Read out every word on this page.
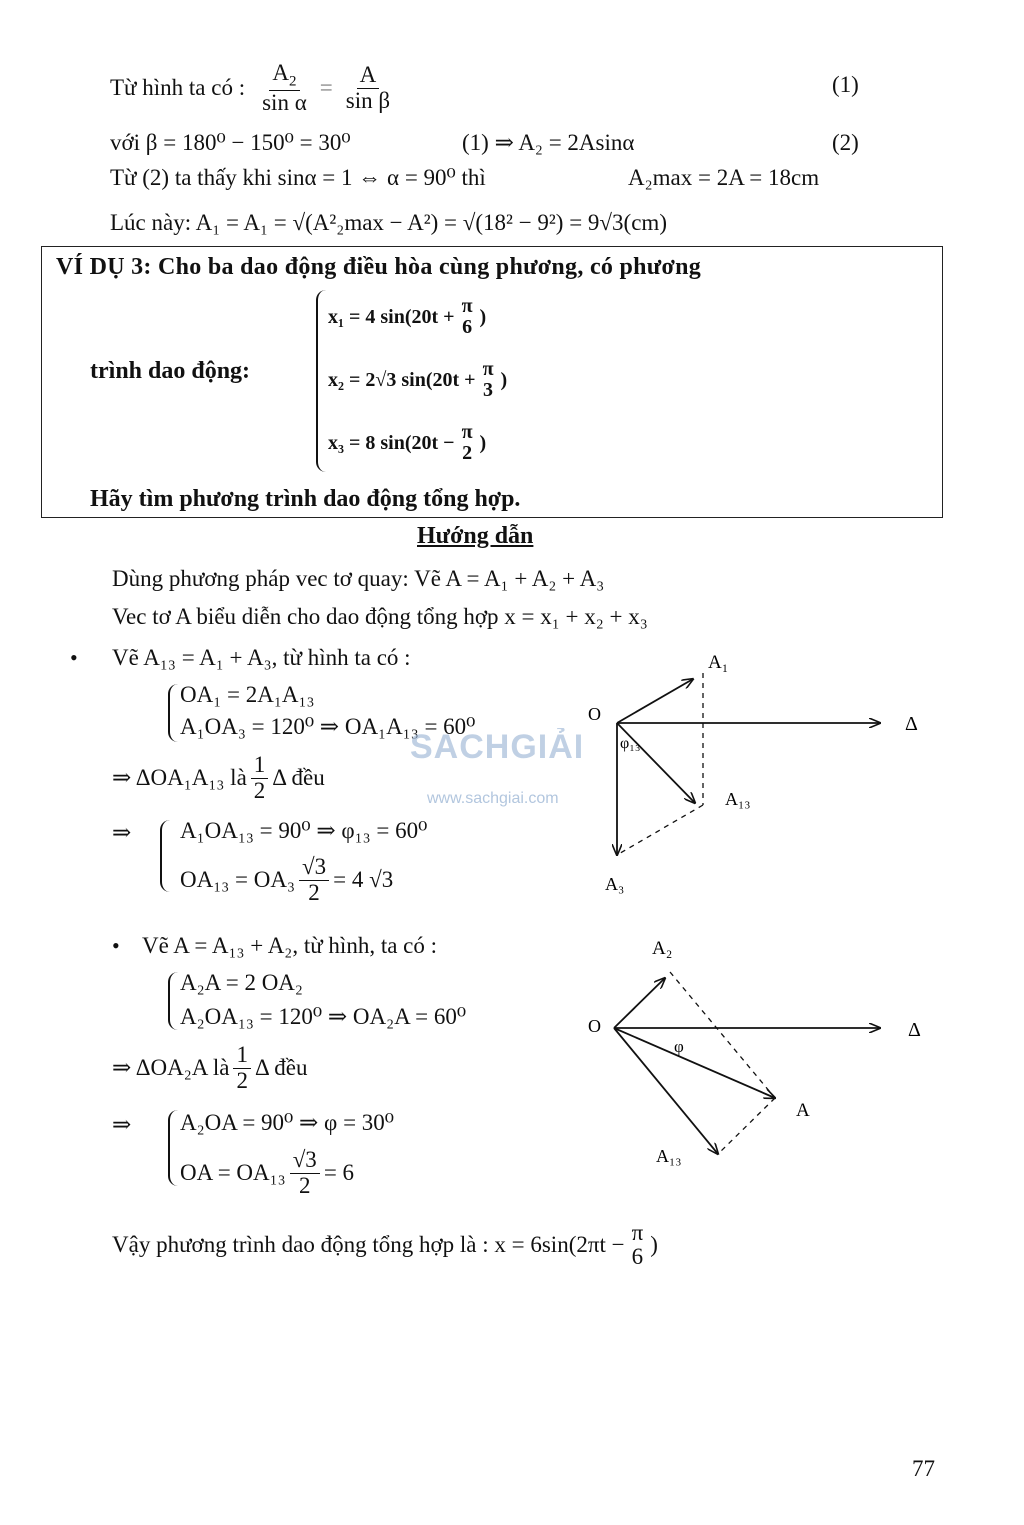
Từ hình ta có : $\frac{A_2}{\text{sin α}} = \frac{A}{\text{sin β}}$	(1)
với β = 180⁰ − 150⁰ = 30⁰	(1) ⇒ A₂ = 2Asinα	(2)
Từ (2) ta thấy khi sinα = 1 ⇔ α = 90⁰ thì	A₂max = 2A = 18cm
Lúc này: A₁ = A₁ = √(A²₂max − A²) = √(18² − 9²) = 9√3(cm)
VÍ DỤ 3: Cho ba dao động điều hòa cùng phương, có phương
trình dao động:
x₁ = 4 sin(20t + π
6 )
x₂ = 2√3 sin(20t + π
3 )
x₃ = 8 sin(20t − π
2 )
Hãy tìm phương trình dao động tổng hợp.
Hướng dẫn
Dùng phương pháp vec tơ quay: Vẽ A = A₁ + A₂ + A₃
Vec tơ A biểu diễn cho dao động tổng hợp x = x₁ + x₂ + x₃
• Vẽ A₁₃ = A₁ + A₃, từ hình ta có :
OA₁ = 2A₁A₁₃
A₁OA₃ = 120⁰ ⇒ OA₁A₁₃ = 60⁰
⇒ ΔOA₁A₁₃ là $\frac{1}{2}$ Δ đều
⇒ A₁OA₁₃ = 90⁰ ⇒ φ₁₃ = 60⁰
$OA_{13} = OA_3 \frac{√3}{2} = 4$ √3
• Vẽ A = A₁₃ + A₂, từ hình, ta có :
A₂A = 2 OA₂
A₂OA₁₃ = 120⁰ ⇒ OA₂A = 60⁰
⇒ ΔOA₂A là $\frac{1}{2}$ Δ đều
⇒ A₂OA = 90⁰ ⇒ φ = 30⁰
OA = $OA_{13} \frac{√3}{2} = 6$
Vậy phương trình dao động tổng hợp là : x = 6sin(2πt − π
6 )
O	Δ
A₁
φ₁₃
A₁₃
A₃
O	Δ
A₂
φ
A
A₁₃
SACHGIẢI
www.sachgiai.com
77
